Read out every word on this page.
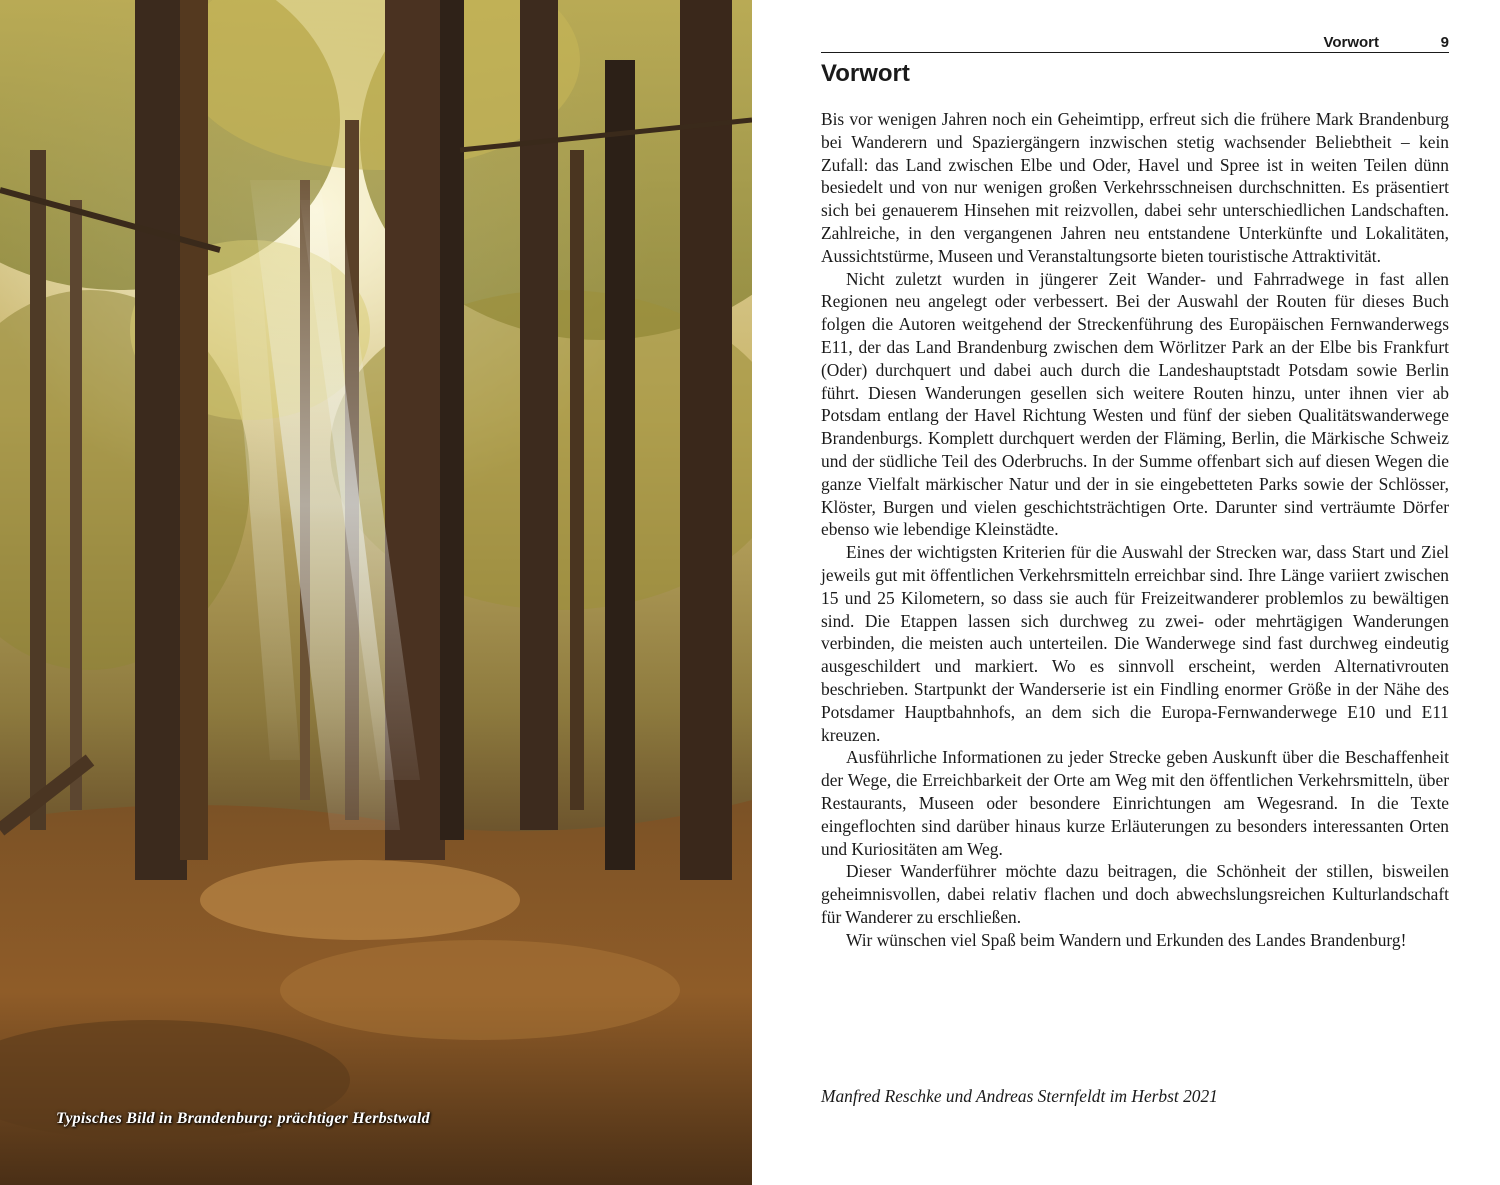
Typisches Bild in Brandenburg: prächtiger Herbstwald
Vorwort	9
Vorwort

Bis vor wenigen Jahren noch ein Geheimtipp, erfreut sich die frühere Mark Brandenburg bei Wanderern und Spaziergängern inzwischen stetig wachsender Beliebtheit – kein Zufall: das Land zwischen Elbe und Oder, Havel und Spree ist in weiten Teilen dünn besiedelt und von nur wenigen großen Verkehrsschneisen durchschnitten. Es präsentiert sich bei genauerem Hinsehen mit reizvollen, dabei sehr unterschiedlichen Landschaften. Zahlreiche, in den vergangenen Jahren neu entstandene Unterkünfte und Lokalitäten, Aussichtstürme, Museen und Veranstaltungsorte bieten touristische Attraktivität.

Nicht zuletzt wurden in jüngerer Zeit Wander- und Fahrradwege in fast allen Regionen neu angelegt oder verbessert. Bei der Auswahl der Routen für dieses Buch folgen die Autoren weitgehend der Streckenführung des Europäischen Fernwanderwegs E11, der das Land Brandenburg zwischen dem Wörlitzer Park an der Elbe bis Frankfurt (Oder) durchquert und dabei auch durch die Landeshauptstadt Potsdam sowie Berlin führt. Diesen Wanderungen gesellen sich weitere Routen hinzu, unter ihnen vier ab Potsdam entlang der Havel Richtung Westen und fünf der sieben Qualitätswanderwege Brandenburgs. Komplett durchquert werden der Fläming, Berlin, die Märkische Schweiz und der südliche Teil des Oderbruchs. In der Summe offenbart sich auf diesen Wegen die ganze Vielfalt märkischer Natur und der in sie eingebetteten Parks sowie der Schlösser, Klöster, Burgen und vielen geschichtsträchtigen Orte. Darunter sind verträumte Dörfer ebenso wie lebendige Kleinstädte.

Eines der wichtigsten Kriterien für die Auswahl der Strecken war, dass Start und Ziel jeweils gut mit öffentlichen Verkehrsmitteln erreichbar sind. Ihre Länge variiert zwischen 15 und 25 Kilometern, so dass sie auch für Freizeitwanderer problemlos zu bewältigen sind. Die Etappen lassen sich durchweg zu zwei- oder mehrtägigen Wanderungen verbinden, die meisten auch unterteilen. Die Wanderwege sind fast durchweg eindeutig ausgeschildert und markiert. Wo es sinnvoll erscheint, werden Alternativrouten beschrieben. Startpunkt der Wanderserie ist ein Findling enormer Größe in der Nähe des Potsdamer Hauptbahnhofs, an dem sich die Europa-Fernwanderwege E10 und E11 kreuzen.

Ausführliche Informationen zu jeder Strecke geben Auskunft über die Beschaffenheit der Wege, die Erreichbarkeit der Orte am Weg mit den öffentlichen Verkehrsmitteln, über Restaurants, Museen oder besondere Einrichtungen am Wegesrand. In die Texte eingeflochten sind darüber hinaus kurze Erläuterungen zu besonders interessanten Orten und Kuriositäten am Weg.

Dieser Wanderführer möchte dazu beitragen, die Schönheit der stillen, bisweilen geheimnisvollen, dabei relativ flachen und doch abwechslungsreichen Kulturlandschaft für Wanderer zu erschließen.

Wir wünschen viel Spaß beim Wandern und Erkunden des Landes Brandenburg!

Manfred Reschke und Andreas Sternfeldt im Herbst 2021
